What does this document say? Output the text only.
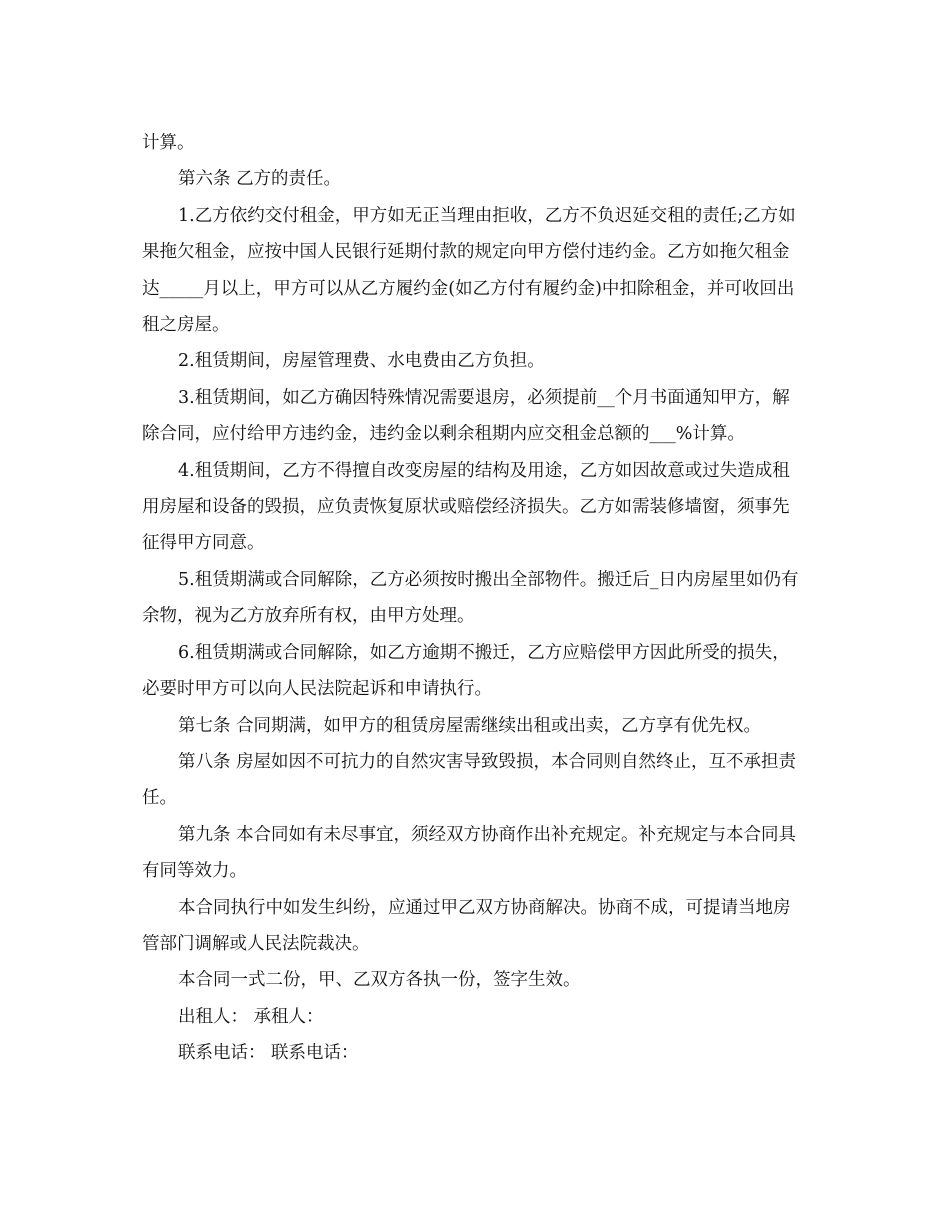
计算。

第六条 乙方的责任。

1.乙方依约交付租金，甲方如无正当理由拒收，乙方不负迟延交租的责任;乙方如果拖欠租金，应按中国人民银行延期付款的规定向甲方偿付违约金。乙方如拖欠租金达_____月以上，甲方可以从乙方履约金(如乙方付有履约金)中扣除租金，并可收回出租之房屋。

2.租赁期间，房屋管理费、水电费由乙方负担。

3.租赁期间，如乙方确因特殊情况需要退房，必须提前__个月书面通知甲方，解除合同，应付给甲方违约金，违约金以剩余租期内应交租金总额的___%计算。

4.租赁期间，乙方不得擅自改变房屋的结构及用途，乙方如因故意或过失造成租用房屋和设备的毁损，应负责恢复原状或赔偿经济损失。乙方如需装修墙窗，须事先征得甲方同意。

5.租赁期满或合同解除，乙方必须按时搬出全部物件。搬迁后_日内房屋里如仍有余物，视为乙方放弃所有权，由甲方处理。

6.租赁期满或合同解除，如乙方逾期不搬迁，乙方应赔偿甲方因此所受的损失，必要时甲方可以向人民法院起诉和申请执行。

第七条 合同期满，如甲方的租赁房屋需继续出租或出卖，乙方享有优先权。

第八条 房屋如因不可抗力的自然灾害导致毁损，本合同则自然终止，互不承担责任。

第九条 本合同如有未尽事宜，须经双方协商作出补充规定。补充规定与本合同具有同等效力。

本合同执行中如发生纠纷，应通过甲乙双方协商解决。协商不成，可提请当地房管部门调解或人民法院裁决。

本合同一式二份，甲、乙双方各执一份，签字生效。

出租人： 承租人：

联系电话： 联系电话：
